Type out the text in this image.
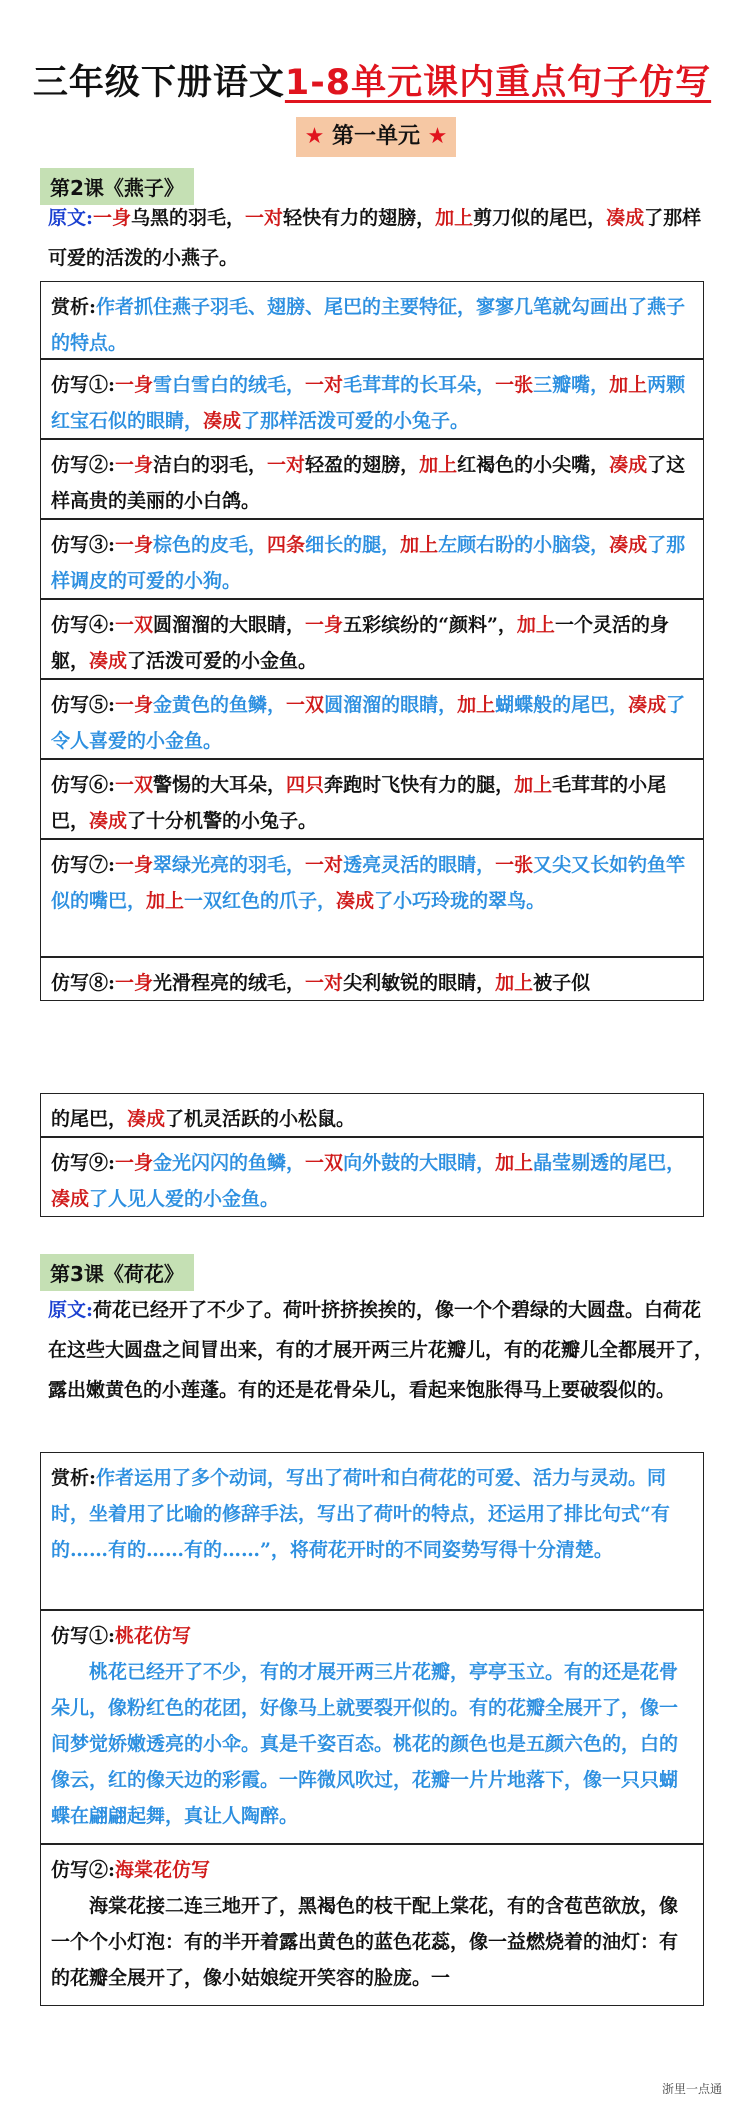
三年级下册语文1-8单元课内重点句子仿写
★ 第一单元 ★
第2课《燕子》
原文:一身乌黑的羽毛，一对轻快有力的翅膀，加上剪刀似的尾巴，凑成了那样可爱的活泼的小燕子。
赏析:作者抓住燕子羽毛、翅膀、尾巴的主要特征，寥寥几笔就勾画出了燕子的特点。
仿写①:一身雪白雪白的绒毛，一对毛茸茸的长耳朵，一张三瓣嘴，加上两颗红宝石似的眼睛，凑成了那样活泼可爱的小兔子。
仿写②:一身洁白的羽毛，一对轻盈的翅膀，加上红褐色的小尖嘴，凑成了这样高贵的美丽的小白鸽。
仿写③:一身棕色的皮毛，四条细长的腿，加上左顾右盼的小脑袋，凑成了那样调皮的可爱的小狗。
仿写④:一双圆溜溜的大眼睛，一身五彩缤纷的“颜料”，加上一个灵活的身躯，凑成了活泼可爱的小金鱼。
仿写⑤:一身金黄色的鱼鳞，一双圆溜溜的眼睛，加上蝴蝶般的尾巴，凑成了令人喜爱的小金鱼。
仿写⑥:一双警惕的大耳朵，四只奔跑时飞快有力的腿，加上毛茸茸的小尾巴，凑成了十分机警的小兔子。
仿写⑦:一身翠绿光亮的羽毛，一对透亮灵活的眼睛，一张又尖又长如钓鱼竿似的嘴巴，加上一双红色的爪子，凑成了小巧玲珑的翠鸟。
仿写⑧:一身光滑程亮的绒毛，一对尖利敏锐的眼睛，加上被子似
的尾巴，凑成了机灵活跃的小松鼠。
仿写⑨:一身金光闪闪的鱼鳞，一双向外鼓的大眼睛，加上晶莹剔透的尾巴，凑成了人见人爱的小金鱼。
第3课《荷花》
原文:荷花已经开了不少了。荷叶挤挤挨挨的，像一个个碧绿的大圆盘。白荷花在这些大圆盘之间冒出来，有的才展开两三片花瓣儿，有的花瓣儿全都展开了，露出嫩黄色的小莲蓬。有的还是花骨朵儿，看起来饱胀得马上要破裂似的。
赏析:作者运用了多个动词，写出了荷叶和白荷花的可爱、活力与灵动。同时，坐着用了比喻的修辞手法，写出了荷叶的特点，还运用了排比句式“有的……有的……有的……”，将荷花开时的不同姿势写得十分清楚。
仿写①:桃花仿写
桃花已经开了不少，有的才展开两三片花瓣，亭亭玉立。有的还是花骨朵儿，像粉红色的花团，好像马上就要裂开似的。有的花瓣全展开了，像一间梦觉娇嫩透亮的小伞。真是千姿百态。桃花的颜色也是五颜六色的，白的像云，红的像天边的彩霞。一阵微风吹过，花瓣一片片地落下，像一只只蝴蝶在翩翩起舞，真让人陶醉。
仿写②:海棠花仿写
海棠花接二连三地开了，黑褐色的枝干配上棠花，有的含苞芭欲放，像一个个小灯泡：有的半开着露出黄色的蓝色花蕊，像一益燃烧着的油灯：有的花瓣全展开了，像小姑娘绽开笑容的脸庞。一
浙里一点通
